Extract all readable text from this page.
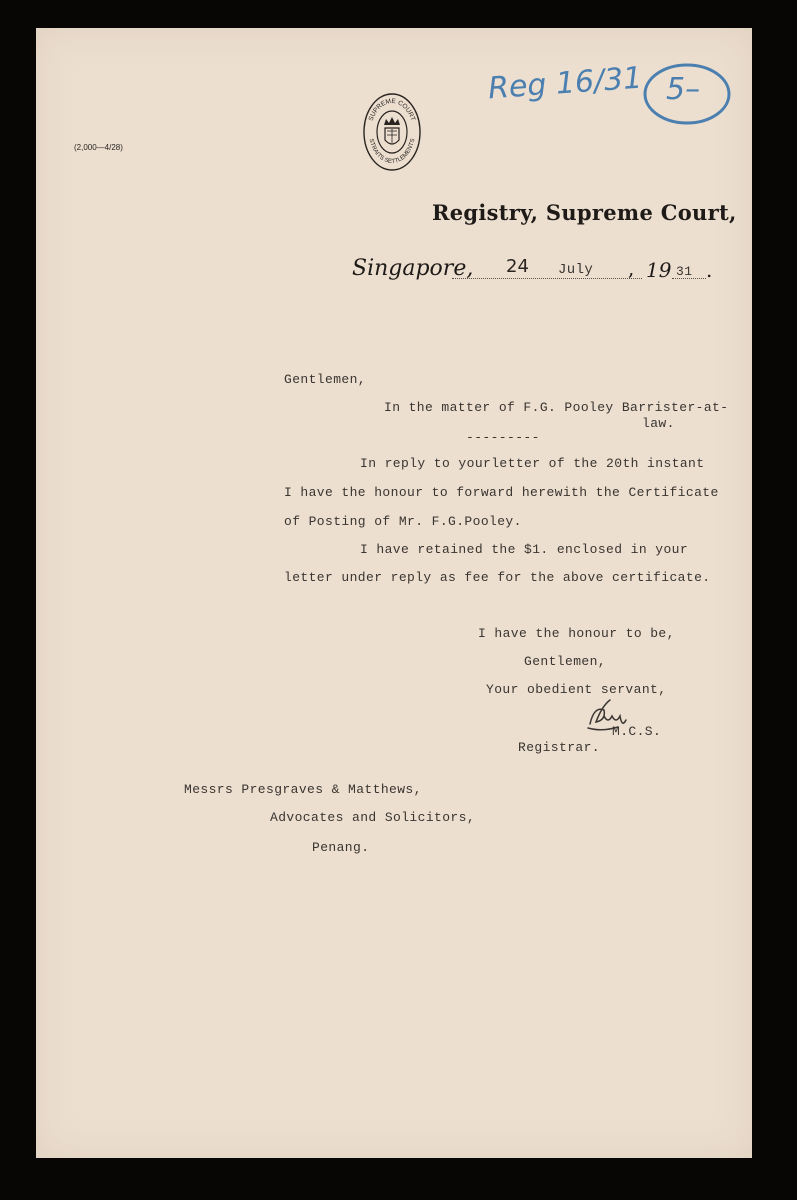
Reg 16/31 5–
(2,000—4/28)
SUPREME COURT
STRAITS SETTLEMENTS
Registry, Supreme Court,
Singapore, 24 July , 19 31 .
Gentlemen,
In the matter of F.G. Pooley Barrister-at-
law.
---------
In reply to yourletter of the 20th instant
I have the honour to forward herewith the Certificate
of Posting of Mr. F.G.Pooley.
I have retained the $1. enclosed in your
letter under reply as fee for the above certificate.
I have the honour to be,
Gentlemen,
Your obedient servant,
M.C.S.
Registrar.
Messrs Presgraves & Matthews,
Advocates and Solicitors,
Penang.
